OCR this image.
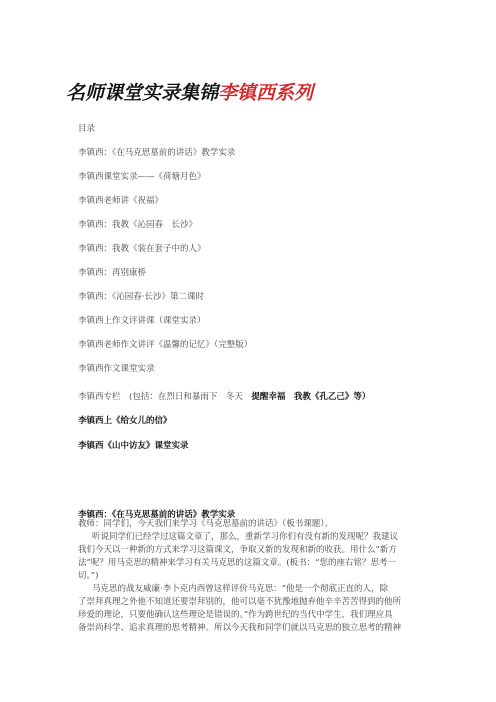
名师课堂实录集锦李镇西系列
目录
李镇西：《在马克思墓前的讲话》教学实录
李镇西课堂实录——《荷塘月色》
李镇西老师讲《祝福》
李镇西：我教《沁园春　长沙》
李镇西：我教《装在套子中的人》
李镇西：再别康桥
李镇西：《沁园春·长沙》第二课时
李镇西上作文评讲课（课堂实录）
李镇西老师作文讲评《温馨的记忆》（完整版）
李镇西作文课堂实录
李镇西专栏　(包括：在烈日和暴雨下　冬天　提醒幸福　我教《孔乙己》等）
李镇西上《给女儿的信》
李镇西《山中访友》课堂实录
李镇西：《在马克思墓前的讲话》教学实录
教师：同学们，今天我们来学习《马克思墓前的讲话》（板书课题）。
听说同学们已经学过这篇文章了，那么，重新学习你们有没有新的发现呢？我建议
我们今天以一种新的方式来学习这篇课文，争取又新的发现和新的收获。用什么“新方
法”呢？用马克思的精神来学习有关马克思的这篇文章。(板书：“您的座右铭？思考一
切。”)
马克思的战友威廉·李卜克内西曾这样评价马克思：“他是一个彻底正直的人，除
了崇拜真理之外他不知道还要崇拜别的，他可以毫不犹豫地抛弃他辛辛苦苦得到的他所
珍爱的理论，只要他确认这些理论是错误的。”作为跨世纪的当代中学生，我们理应具
备崇尚科学、追求真理的思考精神。所以今天我和同学们就以马克思的独立思考的精神
